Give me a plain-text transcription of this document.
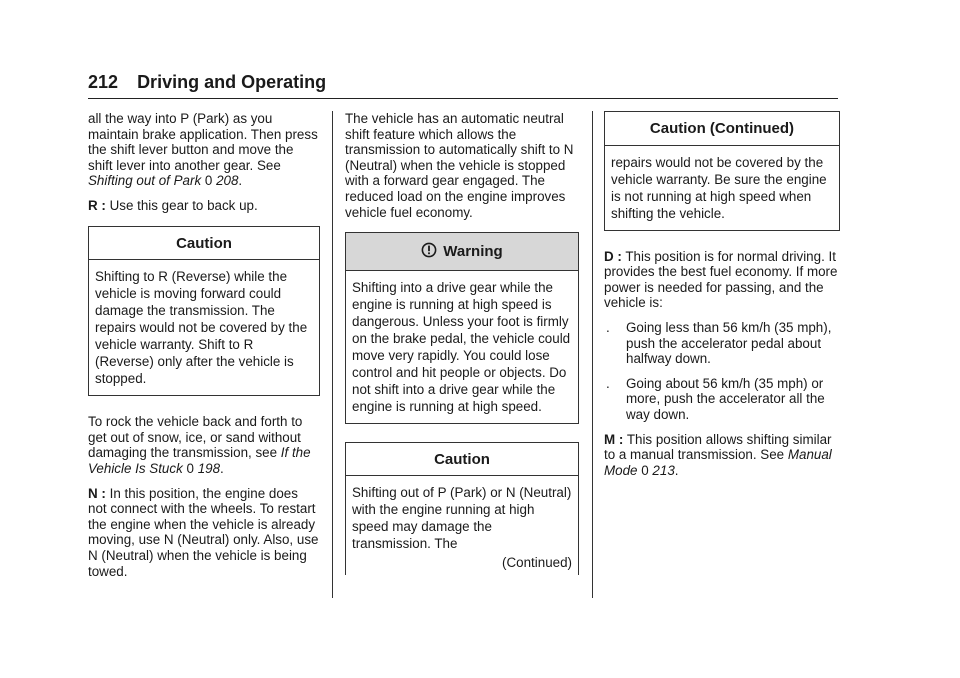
212 Driving and Operating

all the way into P (Park) as you maintain brake application. Then press the shift lever button and move the shift lever into another gear. See Shifting out of Park 0 208.

R : Use this gear to back up.

Caution
Shifting to R (Reverse) while the vehicle is moving forward could damage the transmission. The repairs would not be covered by the vehicle warranty. Shift to R (Reverse) only after the vehicle is stopped.

To rock the vehicle back and forth to get out of snow, ice, or sand without damaging the transmission, see If the Vehicle Is Stuck 0 198.

N : In this position, the engine does not connect with the wheels. To restart the engine when the vehicle is already moving, use N (Neutral) only. Also, use N (Neutral) when the vehicle is being towed.

The vehicle has an automatic neutral shift feature which allows the transmission to automatically shift to N (Neutral) when the vehicle is stopped with a forward gear engaged. The reduced load on the engine improves vehicle fuel economy.

Warning
Shifting into a drive gear while the engine is running at high speed is dangerous. Unless your foot is firmly on the brake pedal, the vehicle could move very rapidly. You could lose control and hit people or objects. Do not shift into a drive gear while the engine is running at high speed.
Caution
Shifting out of P (Park) or N (Neutral) with the engine running at high speed may damage the transmission. The
(Continued)
Caution (Continued)
repairs would not be covered by the vehicle warranty. Be sure the engine is not running at high speed when shifting the vehicle.

D : This position is for normal driving. It provides the best fuel economy. If more power is needed for passing, and the vehicle is:

. Going less than 56 km/h (35 mph), push the accelerator pedal about halfway down.
. Going about 56 km/h (35 mph) or more, push the accelerator all the way down.

M : This position allows shifting similar to a manual transmission. See Manual Mode 0 213.
